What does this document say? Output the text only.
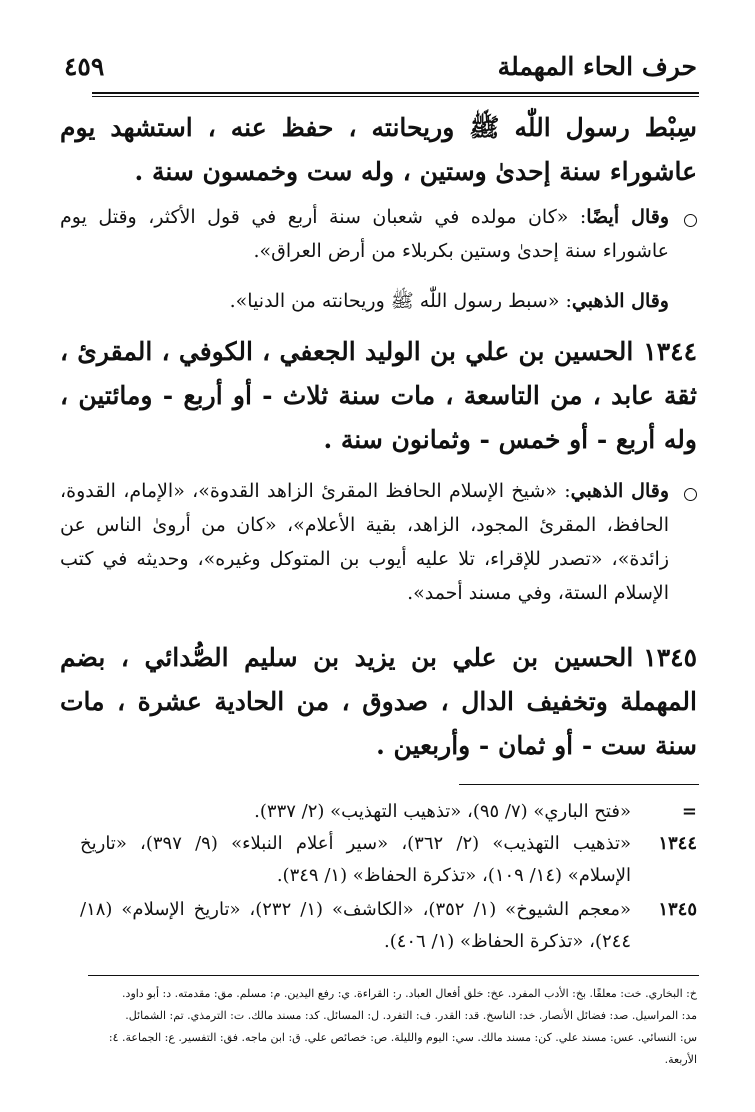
حرف الحاء المهملة
٤٥٩
سِبْط رسول اللّٰه ﷺ وريحانته ، حفظ عنه ، استشهد يوم عاشوراء سنة إحدىٰ وستين ، وله ست وخمسون سنة .
وقال أيضًا: «كان مولده في شعبان سنة أربع في قول الأكثر، وقتل يوم عاشوراء سنة إحدىٰ وستين بكربلاء من أرض العراق».
وقال الذهبي: «سبط رسول اللّٰه ﷺ وريحانته من الدنيا».
١٣٤٤الحسين بن علي بن الوليد الجعفي ، الكوفي ، المقرئ ، ثقة عابد ، من التاسعة ، مات سنة ثلاث - أو أربع - ومائتين ، وله أربع - أو خمس - وثمانون سنة .
وقال الذهبي: «شيخ الإسلام الحافظ المقرئ الزاهد القدوة»، «الإمام، القدوة، الحافظ، المقرئ المجود، الزاهد، بقية الأعلام»، «كان من أروىٰ الناس عن زائدة»، «تصدر للإقراء، تلا عليه أيوب بن المتوكل وغيره»، وحديثه في كتب الإسلام الستة، وفي مسند أحمد».
١٣٤٥الحسين بن علي بن يزيد بن سليم الصُّدائي ، بضم المهملة وتخفيف الدال ، صدوق ، من الحادية عشرة ، مات سنة ست - أو ثمان - وأربعين .
=
«فتح الباري» (٧/ ٩٥)، «تذهيب التهذيب» (٢/ ٣٣٧).
١٣٤٤
«تذهيب التهذيب» (٢/ ٣٦٢)، «سير أعلام النبلاء» (٩/ ٣٩٧)، «تاريخ الإسلام» (١٤/ ١٠٩)، «تذكرة الحفاظ» (١/ ٣٤٩).
١٣٤٥
«معجم الشيوخ» (١/ ٣٥٢)، «الكاشف» (١/ ٢٣٢)، «تاريخ الإسلام» (١٨/ ٢٤٤)، «تذكرة الحفاظ» (١/ ٤٠٦).
خ: البخاري. خت: معلقًا. بخ: الأدب المفرد. عخ: خلق أفعال العباد. ر: القراءة. ي: رفع اليدين. م: مسلم. مق: مقدمته. د: أبو داود.
مد: المراسيل. صد: فضائل الأنصار. خد: الناسخ. قد: القدر. ف: التفرد. ل: المسائل. كد: مسند مالك. ت: الترمذي. تم: الشمائل.
س: النسائي. عس: مسند علي. كن: مسند مالك. سي: اليوم والليلة. ص: خصائص علي. ق: ابن ماجه. فق: التفسير. ع: الجماعة. ٤: الأربعة.
